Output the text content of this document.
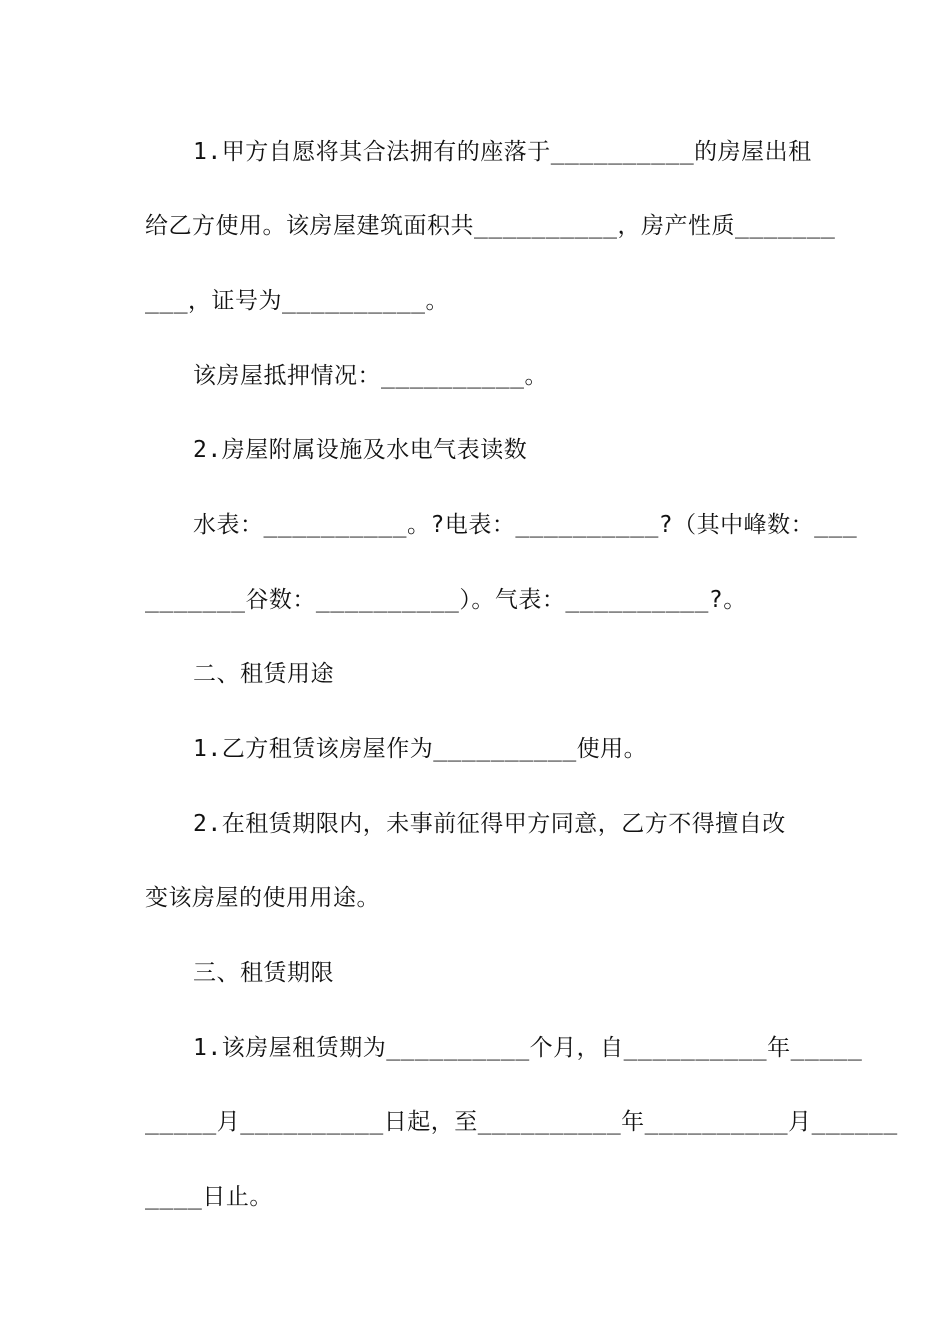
1.甲方自愿将其合法拥有的座落于__________的房屋出租
给乙方使用。该房屋建筑面积共__________，房产性质_______
___，证号为__________。
该房屋抵押情况：__________。
2.房屋附属设施及水电气表读数
水表：__________。?电表：__________?（其中峰数：___
_______谷数：__________）。气表：__________?。
二、租赁用途
1.乙方租赁该房屋作为__________使用。
2.在租赁期限内，未事前征得甲方同意，乙方不得擅自改
变该房屋的使用用途。
三、租赁期限
1.该房屋租赁期为__________个月，自__________年_____
_____月__________日起，至__________年__________月______
____日止。
